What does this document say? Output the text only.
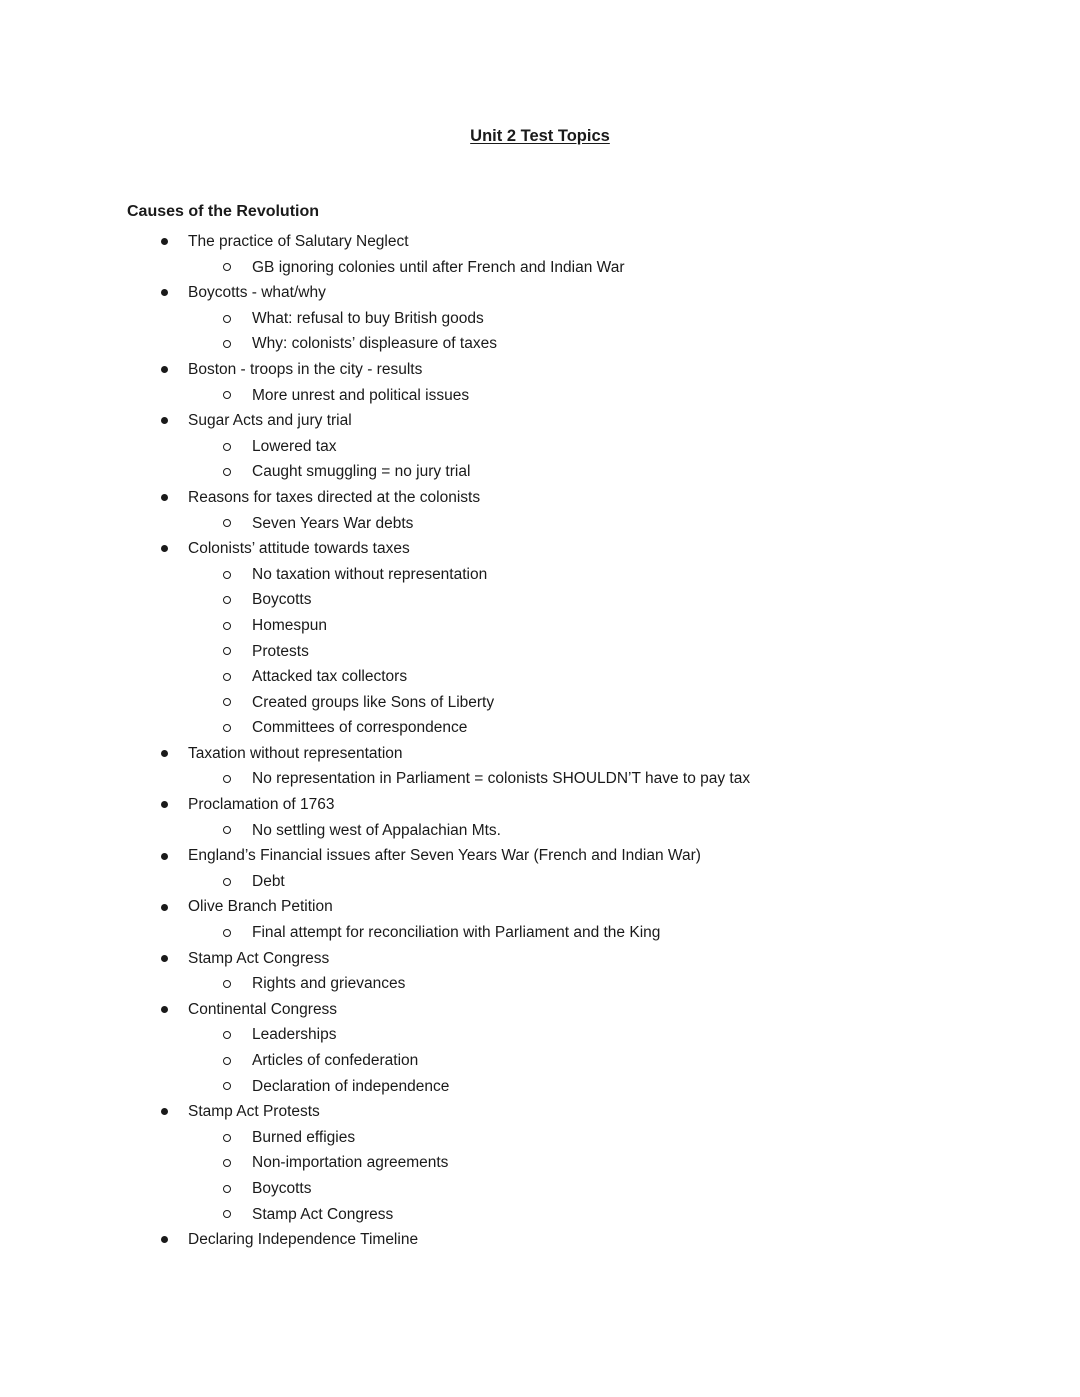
Unit 2 Test Topics
Causes of the Revolution
The practice of Salutary Neglect
GB ignoring colonies until after French and Indian War
Boycotts - what/why
What: refusal to buy British goods
Why: colonists’ displeasure of taxes
Boston - troops in the city - results
More unrest and political issues
Sugar Acts and jury trial
Lowered tax
Caught smuggling = no jury trial
Reasons for taxes directed at the colonists
Seven Years War debts
Colonists’ attitude towards taxes
No taxation without representation
Boycotts
Homespun
Protests
Attacked tax collectors
Created groups like Sons of Liberty
Committees of correspondence
Taxation without representation
No representation in Parliament = colonists SHOULDN’T have to pay tax
Proclamation of 1763
No settling west of Appalachian Mts.
England’s Financial issues after Seven Years War (French and Indian War)
Debt
Olive Branch Petition
Final attempt for reconciliation with Parliament and the King
Stamp Act Congress
Rights and grievances
Continental Congress
Leaderships
Articles of confederation
Declaration of independence
Stamp Act Protests
Burned effigies
Non-importation agreements
Boycotts
Stamp Act Congress
Declaring Independence Timeline
